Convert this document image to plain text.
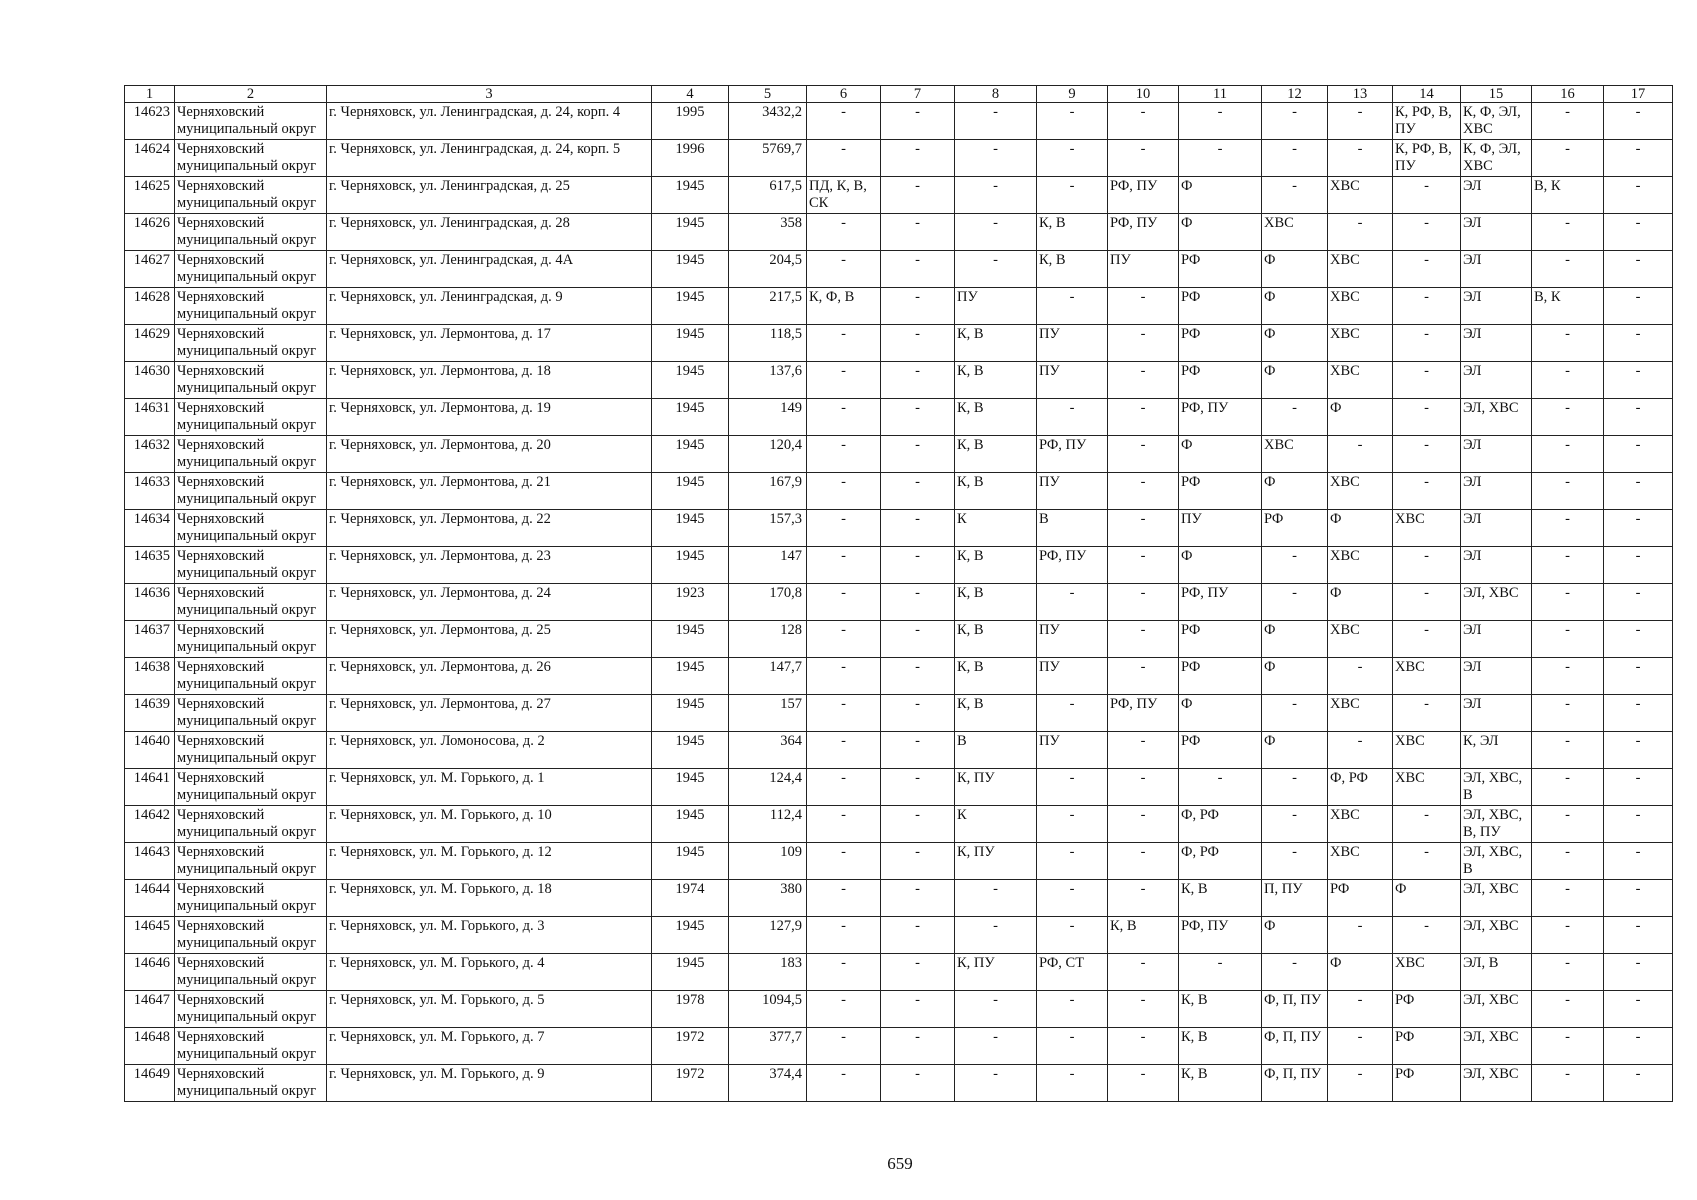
1	2	3	4	5	6	7	8	9	10	11	12	13	14	15	16	17
14623	Черняховский муниципальный округ	г. Черняховск, ул. Ленинградская, д. 24, корп. 4	1995	3432,2	-	-	-	-	-	-	-	-	К, РФ, В, ПУ	К, Ф, ЭЛ, ХВС	-	-
14624	Черняховский муниципальный округ	г. Черняховск, ул. Ленинградская, д. 24, корп. 5	1996	5769,7	-	-	-	-	-	-	-	-	К, РФ, В, ПУ	К, Ф, ЭЛ, ХВС	-	-
14625	Черняховский муниципальный округ	г. Черняховск, ул. Ленинградская, д. 25	1945	617,5	ПД, К, В, СК	-	-	-	РФ, ПУ	Ф	-	ХВС	-	ЭЛ	В, К	-
14626	Черняховский муниципальный округ	г. Черняховск, ул. Ленинградская, д. 28	1945	358	-	-	-	К, В	РФ, ПУ	Ф	ХВС	-	-	ЭЛ	-	-
14627	Черняховский муниципальный округ	г. Черняховск, ул. Ленинградская, д. 4А	1945	204,5	-	-	-	К, В	ПУ	РФ	Ф	ХВС	-	ЭЛ	-	-
14628	Черняховский муниципальный округ	г. Черняховск, ул. Ленинградская, д. 9	1945	217,5	К, Ф, В	-	ПУ	-	-	РФ	Ф	ХВС	-	ЭЛ	В, К	-
14629	Черняховский муниципальный округ	г. Черняховск, ул. Лермонтова, д. 17	1945	118,5	-	-	К, В	ПУ	-	РФ	Ф	ХВС	-	ЭЛ	-	-
14630	Черняховский муниципальный округ	г. Черняховск, ул. Лермонтова, д. 18	1945	137,6	-	-	К, В	ПУ	-	РФ	Ф	ХВС	-	ЭЛ	-	-
14631	Черняховский муниципальный округ	г. Черняховск, ул. Лермонтова, д. 19	1945	149	-	-	К, В	-	-	РФ, ПУ	-	Ф	-	ЭЛ, ХВС	-	-
14632	Черняховский муниципальный округ	г. Черняховск, ул. Лермонтова, д. 20	1945	120,4	-	-	К, В	РФ, ПУ	-	Ф	ХВС	-	-	ЭЛ	-	-
14633	Черняховский муниципальный округ	г. Черняховск, ул. Лермонтова, д. 21	1945	167,9	-	-	К, В	ПУ	-	РФ	Ф	ХВС	-	ЭЛ	-	-
14634	Черняховский муниципальный округ	г. Черняховск, ул. Лермонтова, д. 22	1945	157,3	-	-	К	В	-	ПУ	РФ	Ф	ХВС	ЭЛ	-	-
14635	Черняховский муниципальный округ	г. Черняховск, ул. Лермонтова, д. 23	1945	147	-	-	К, В	РФ, ПУ	-	Ф	-	ХВС	-	ЭЛ	-	-
14636	Черняховский муниципальный округ	г. Черняховск, ул. Лермонтова, д. 24	1923	170,8	-	-	К, В	-	-	РФ, ПУ	-	Ф	-	ЭЛ, ХВС	-	-
14637	Черняховский муниципальный округ	г. Черняховск, ул. Лермонтова, д. 25	1945	128	-	-	К, В	ПУ	-	РФ	Ф	ХВС	-	ЭЛ	-	-
14638	Черняховский муниципальный округ	г. Черняховск, ул. Лермонтова, д. 26	1945	147,7	-	-	К, В	ПУ	-	РФ	Ф	-	ХВС	ЭЛ	-	-
14639	Черняховский муниципальный округ	г. Черняховск, ул. Лермонтова, д. 27	1945	157	-	-	К, В	-	РФ, ПУ	Ф	-	ХВС	-	ЭЛ	-	-
14640	Черняховский муниципальный округ	г. Черняховск, ул. Ломоносова, д. 2	1945	364	-	-	В	ПУ	-	РФ	Ф	-	ХВС	К, ЭЛ	-	-
14641	Черняховский муниципальный округ	г. Черняховск, ул. М. Горького, д. 1	1945	124,4	-	-	К, ПУ	-	-	-	-	Ф, РФ	ХВС	ЭЛ, ХВС, В	-	-
14642	Черняховский муниципальный округ	г. Черняховск, ул. М. Горького, д. 10	1945	112,4	-	-	К	-	-	Ф, РФ	-	ХВС	-	ЭЛ, ХВС, В, ПУ	-	-
14643	Черняховский муниципальный округ	г. Черняховск, ул. М. Горького, д. 12	1945	109	-	-	К, ПУ	-	-	Ф, РФ	-	ХВС	-	ЭЛ, ХВС, В	-	-
14644	Черняховский муниципальный округ	г. Черняховск, ул. М. Горького, д. 18	1974	380	-	-	-	-	-	К, В	П, ПУ	РФ	Ф	ЭЛ, ХВС	-	-
14645	Черняховский муниципальный округ	г. Черняховск, ул. М. Горького, д. 3	1945	127,9	-	-	-	-	К, В	РФ, ПУ	Ф	-	-	ЭЛ, ХВС	-	-
14646	Черняховский муниципальный округ	г. Черняховск, ул. М. Горького, д. 4	1945	183	-	-	К, ПУ	РФ, СТ	-	-	-	Ф	ХВС	ЭЛ, В	-	-
14647	Черняховский муниципальный округ	г. Черняховск, ул. М. Горького, д. 5	1978	1094,5	-	-	-	-	-	К, В	Ф, П, ПУ	-	РФ	ЭЛ, ХВС	-	-
14648	Черняховский муниципальный округ	г. Черняховск, ул. М. Горького, д. 7	1972	377,7	-	-	-	-	-	К, В	Ф, П, ПУ	-	РФ	ЭЛ, ХВС	-	-
14649	Черняховский муниципальный округ	г. Черняховск, ул. М. Горького, д. 9	1972	374,4	-	-	-	-	-	К, В	Ф, П, ПУ	-	РФ	ЭЛ, ХВС	-	-
659
